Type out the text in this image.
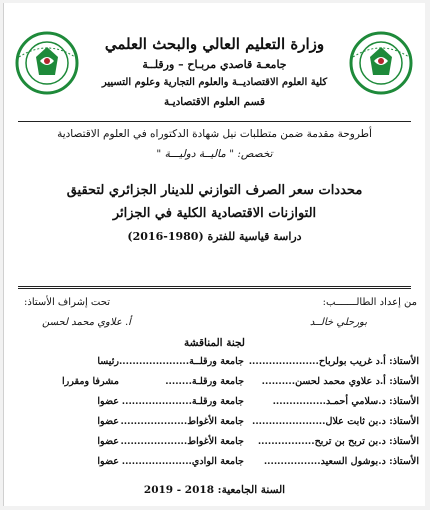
وزارة التعليم العالي والبحث العلمي
جامعـة قاصدي مربـاح – ورقلــة
كلية العلوم الاقتصاديــة والعلوم التجارية وعلوم التسيير
قسم العلوم الاقتصاديـة
أطروحة مقدمة ضمن متطلبات نيل شهادة الدكتوراه في العلوم الاقتصادية
تخصص: " ماليــة دوليـــة "
محددات سعر الصرف التوازني للدينار الجزائري لتحقيق
التوازنات الاقتصادية الكلية في الجزائر
دراسة قياسية للفترة (1980-2016)
من إعداد الطالـــــــب:
تحت إشراف الأستاذ:
بورحلي خالــد
أ. علاوي محمد لحسن
لجنة المناقشة
الأستاذ: أ.د غريب بولرباح.....................جامعة ورقلــة.....................رئيسا
الأستاذ: أ.د علاوي محمد لحسن..........جامعة ورقلـة........مشرفا ومقررا
الأستاذ: د.سلامي أحمـد................جامعة ورقلـة.....................عضوا
الأستاذ: د.بن ثابت علال......................جامعة الأغواط....................عضوا
الأستاذ: د.بن تربح بن تربح.................جامعة الأغواط....................عضوا
الأستاذ: د.بوشول السعيد.................جامعة الوادي.....................عضوا
السنة الجامعية: 2018 - 2019
